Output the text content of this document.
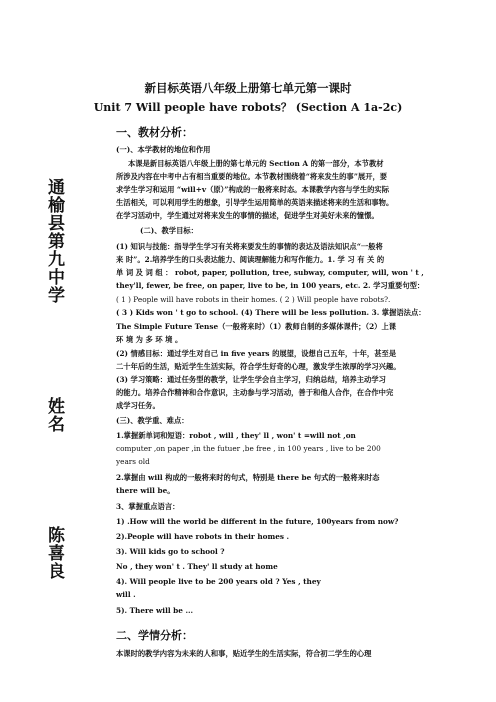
新目标英语八年级上册第七单元第一课时
Unit 7 Will people have robots？ (Section A 1a-2c)
通榆县第九中学
姓名
陈喜良
一、教材分析：
(一)、本学教材的地位和作用
本课是新目标英语八年级上册的第七单元的 Section A 的第一部分，本节教材
所涉及内容在中考中占有相当重要的地位。本节教材围绕着“将来发生的事”展开，要
求学生学习和运用 “will+v（原）”构成的一般将来时态。本课教学内容与学生的实际
生活相关，可以利用学生的想象，引导学生运用简单的英语来描述将来的生活和事物。
在学习活动中，学生通过对将来发生的事情的描述，促进学生对美好未来的憧憬。
(二)、教学目标：
(1) 知识与技能：指导学生学习有关将来要发生的事情的表达及语法知识点“一般将
来 时”。2.培养学生的口头表达能力、阅读理解能力和写作能力。1. 学 习 有 关 的
单 词 及 词 组 ： robot, paper, pollution, tree, subway, computer, will, won ' t ,
they'll, fewer, be free, on paper, live to be, in 100 years, etc. 2. 学习重要句型：
( 1 ) People will have robots in their homes. ( 2 ) Will people have robots?.
( 3 ) Kids won ' t go to school. (4) There will be less pollution. 3. 掌握语法点：
The Simple Future Tense（一般将来时）（1）教师自制的多媒体课件；（2）上课
环 境 为 多 环 境 。
(2) 情感目标：通过学生对自己 in five years 的展望，设想自己五年，十年，甚至是
二十年后的生活，贴近学生生活实际，符合学生好奇的心理，激发学生浓厚的学习兴趣。
(3) 学习策略：通过任务型的教学，让学生学会自主学习，归纳总结，培养主动学习
的能力。培养合作精神和合作意识，主动参与学习活动，善于和他人合作，在合作中完
成学习任务。
(三)、教学重、难点：
1.掌握新单词和短语：robot , will , they' ll , won' t =will not ,on
computer ,on paper ,in the futuer ,be free , in 100 years , live to be 200
years old
2.掌握由 will 构成的一般将来时的句式，特别是 there be 句式的一般将来时态
there will be。
3、掌握重点语言：
1) .How will the world be different in the future, 100years from now?
2).People will have robots in their homes .
3). Will kids go to school ?
No , they won' t . They' ll study at home
4). Will people live to be 200 years old ? Yes , they
will .
5). There will be ...
二、学情分析：
本课时的教学内容为未来的人和事，贴近学生的生活实际，符合初二学生的心理
